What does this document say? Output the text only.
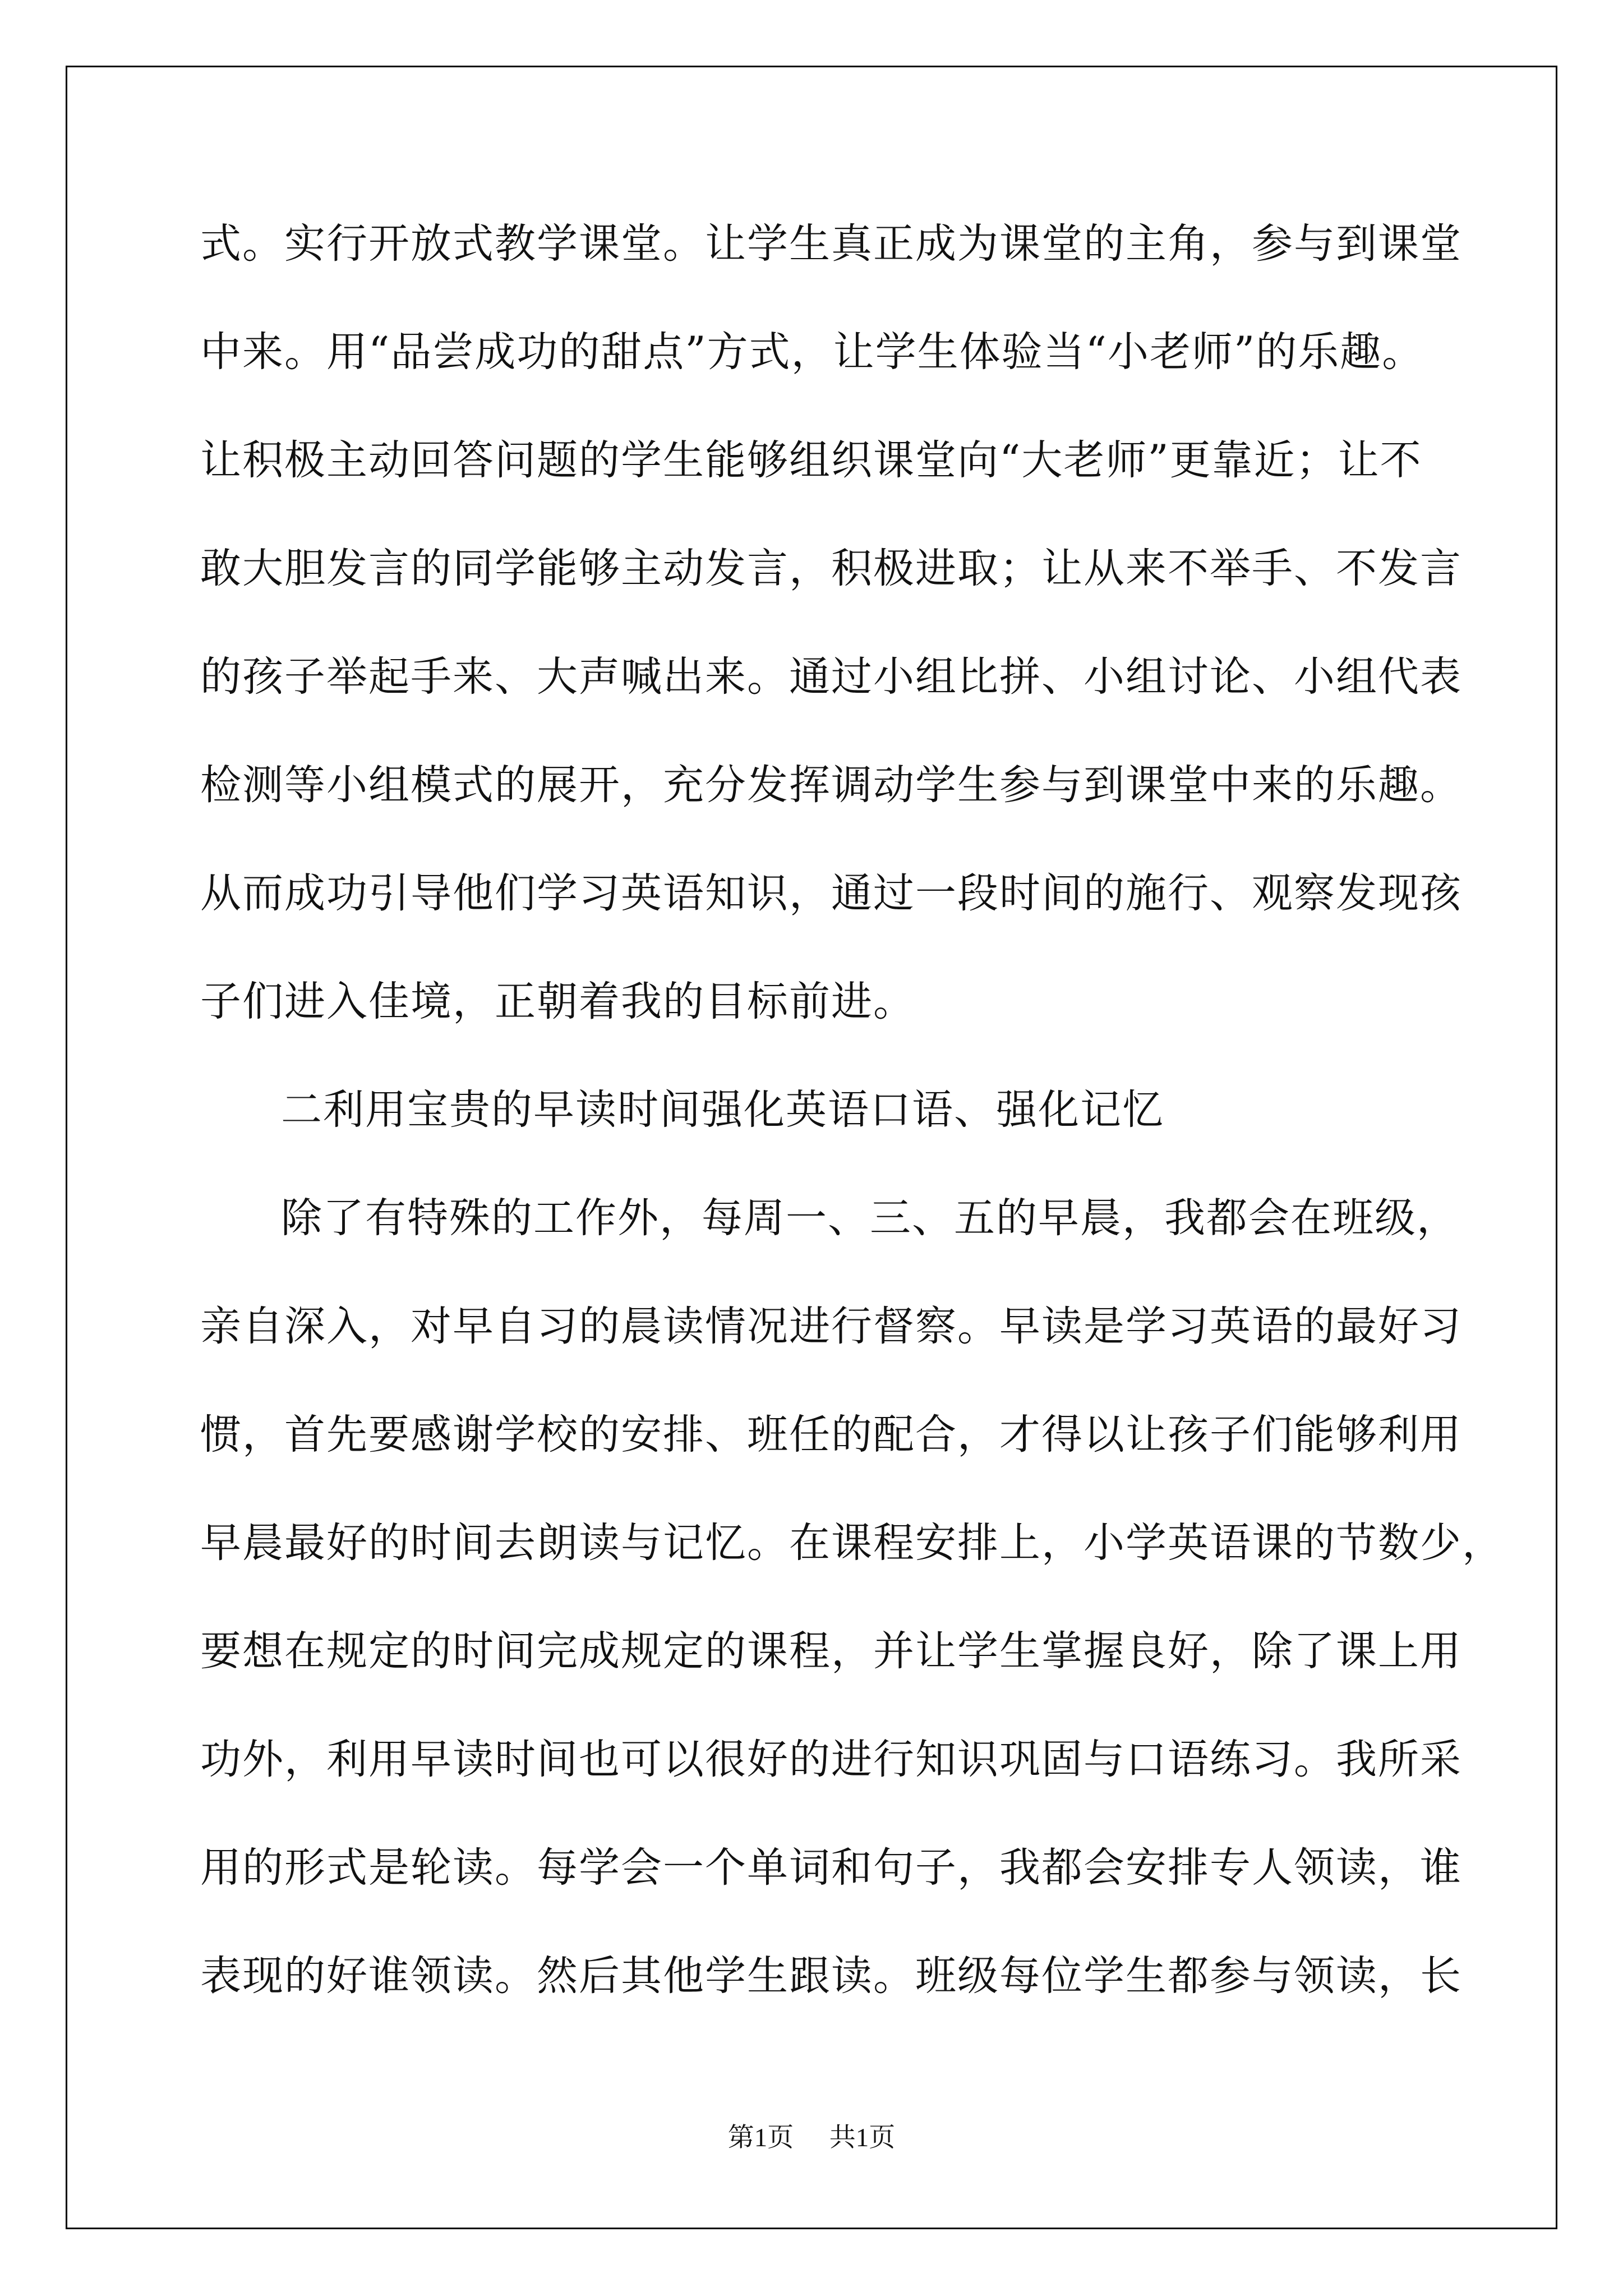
式。实行开放式教学课堂。让学生真正成为课堂的主角，参与到课堂
中来。用“品尝成功的甜点”方式，让学生体验当“小老师”的乐趣。
让积极主动回答问题的学生能够组织课堂向“大老师”更靠近；让不
敢大胆发言的同学能够主动发言，积极进取；让从来不举手、不发言
的孩子举起手来、大声喊出来。通过小组比拼、小组讨论、小组代表
检测等小组模式的展开，充分发挥调动学生参与到课堂中来的乐趣。
从而成功引导他们学习英语知识，通过一段时间的施行、观察发现孩
子们进入佳境，正朝着我的目标前进。
二利用宝贵的早读时间强化英语口语、强化记忆
除了有特殊的工作外，每周一、三、五的早晨，我都会在班级，
亲自深入，对早自习的晨读情况进行督察。早读是学习英语的最好习
惯，首先要感谢学校的安排、班任的配合，才得以让孩子们能够利用
早晨最好的时间去朗读与记忆。在课程安排上，小学英语课的节数少，
要想在规定的时间完成规定的课程，并让学生掌握良好，除了课上用
功外，利用早读时间也可以很好的进行知识巩固与口语练习。我所采
用的形式是轮读。每学会一个单词和句子，我都会安排专人领读，谁
表现的好谁领读。然后其他学生跟读。班级每位学生都参与领读，长
第1页 共1页
